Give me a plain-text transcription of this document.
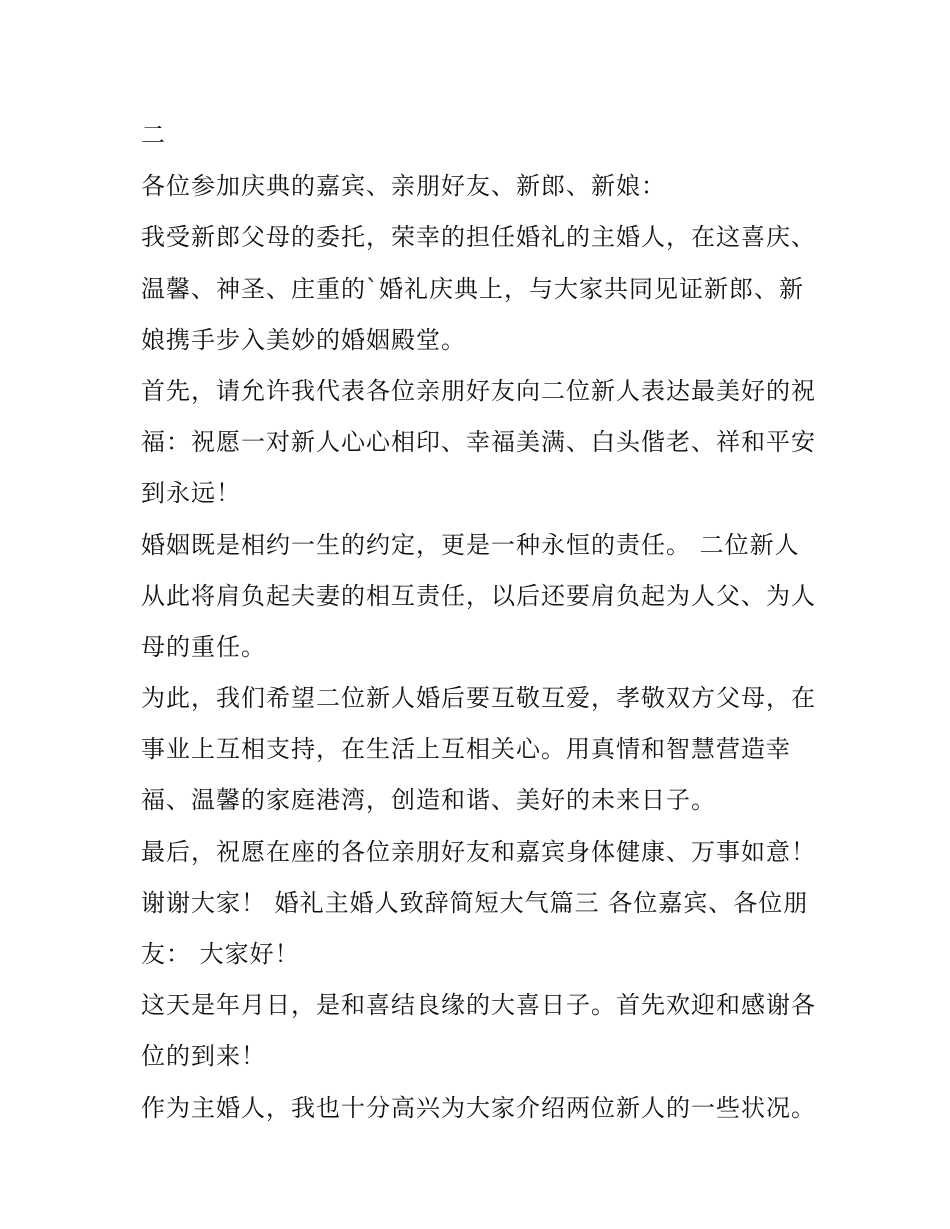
二
各位参加庆典的嘉宾、亲朋好友、新郎、新娘：
我受新郎父母的委托，荣幸的担任婚礼的主婚人，在这喜庆、
温馨、神圣、庄重的`婚礼庆典上，与大家共同见证新郎、新
娘携手步入美妙的婚姻殿堂。
首先，请允许我代表各位亲朋好友向二位新人表达最美好的祝
福：祝愿一对新人心心相印、幸福美满、白头偕老、祥和平安
到永远！
婚姻既是相约一生的约定，更是一种永恒的责任。 二位新人
从此将肩负起夫妻的相互责任，以后还要肩负起为人父、为人
母的重任。
为此，我们希望二位新人婚后要互敬互爱，孝敬双方父母，在
事业上互相支持，在生活上互相关心。用真情和智慧营造幸
福、温馨的家庭港湾，创造和谐、美好的未来日子。
最后，祝愿在座的各位亲朋好友和嘉宾身体健康、万事如意！
谢谢大家！ 婚礼主婚人致辞简短大气篇三 各位嘉宾、各位朋
友： 大家好！
这天是年月日，是和喜结良缘的大喜日子。首先欢迎和感谢各
位的到来！
作为主婚人，我也十分高兴为大家介绍两位新人的一些状况。
